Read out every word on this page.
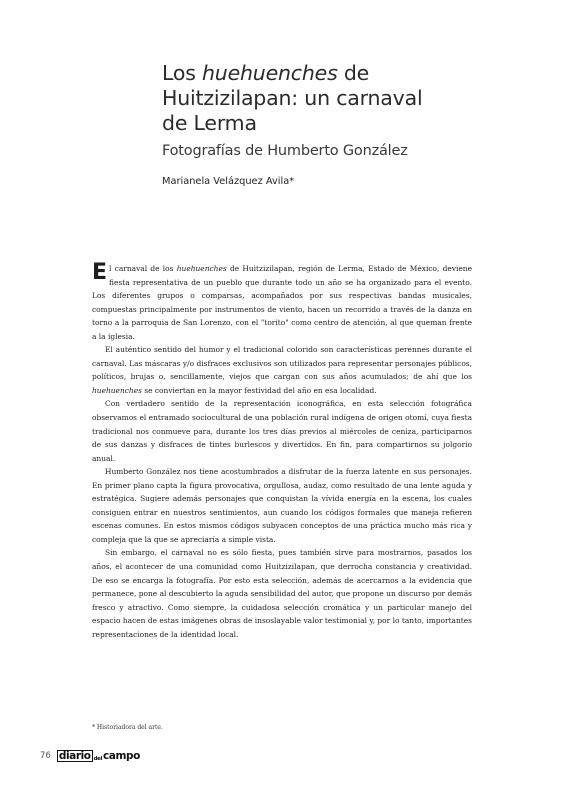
Los huehuenches de
Huitzizilapan: un carnaval
de Lerma
Fotografías de Humberto González
Marianela Velázquez Avila*

El carnaval de los huehuenches de Huitzizilapan, región de Lerma, Estado de México, deviene fiesta representativa de un pueblo que durante todo un año se ha organizado para el evento. Los diferentes grupos o comparsas, acompañados por sus respectivas bandas musicales, compuestas principalmente por instrumentos de viento, hacen un recorrido a través de la danza en torno a la parroquia de San Lorenzo, con el "torito" como centro de atención, al que queman frente a la iglesia.

El auténtico sentido del humor y el tradicional colorido son características perennes durante el carnaval. Las máscaras y/o disfraces exclusivos son utilizados para representar personajes públicos, políticos, brujas o, sencillamente, viejos que cargan con sus años acumulados; de ahí que los huehuenches se conviertan en la mayor festividad del año en esa localidad.

Con verdadero sentido de la representación iconográfica, en esta selección fotográfica observamos el entramado sociocultural de una población rural indígena de origen otomí, cuya fiesta tradicional nos conmueve para, durante los tres días previos al miércoles de ceniza, participarnos de sus danzas y disfraces de tintes burlescos y divertidos. En fin, para compartirnos su jolgorio anual.

Humberto González nos tiene acostumbrados a disfrutar de la fuerza latente en sus personajes. En primer plano capta la figura provocativa, orgullosa, audaz, como resultado de una lente aguda y estratégica. Sugiere además personajes que conquistan la vívida energía en la escena, los cuales consiguen entrar en nuestros sentimientos, aun cuando los códigos formales que maneja refieren escenas comunes. En estos mismos códigos subyacen conceptos de una práctica mucho más rica y compleja que la que se apreciaría a simple vista.

Sin embargo, el carnaval no es sólo fiesta, pues también sirve para mostrarnos, pasados los años, el acontecer de una comunidad como Huitzizilapan, que derrocha constancia y creatividad. De eso se encarga la fotografía. Por esto esta selección, además de acercarnos a la evidencia que permanece, pone al descubierto la aguda sensibilidad del autor, que propone un discurso por demás fresco y atractivo. Como siempre, la cuidadosa selección cromática y un particular manejo del espacio hacen de estas imágenes obras de insoslayable valor testimonial y, por lo tanto, importantes representaciones de la identidad local.

* Historiadora del arte.
76 diario del campo
